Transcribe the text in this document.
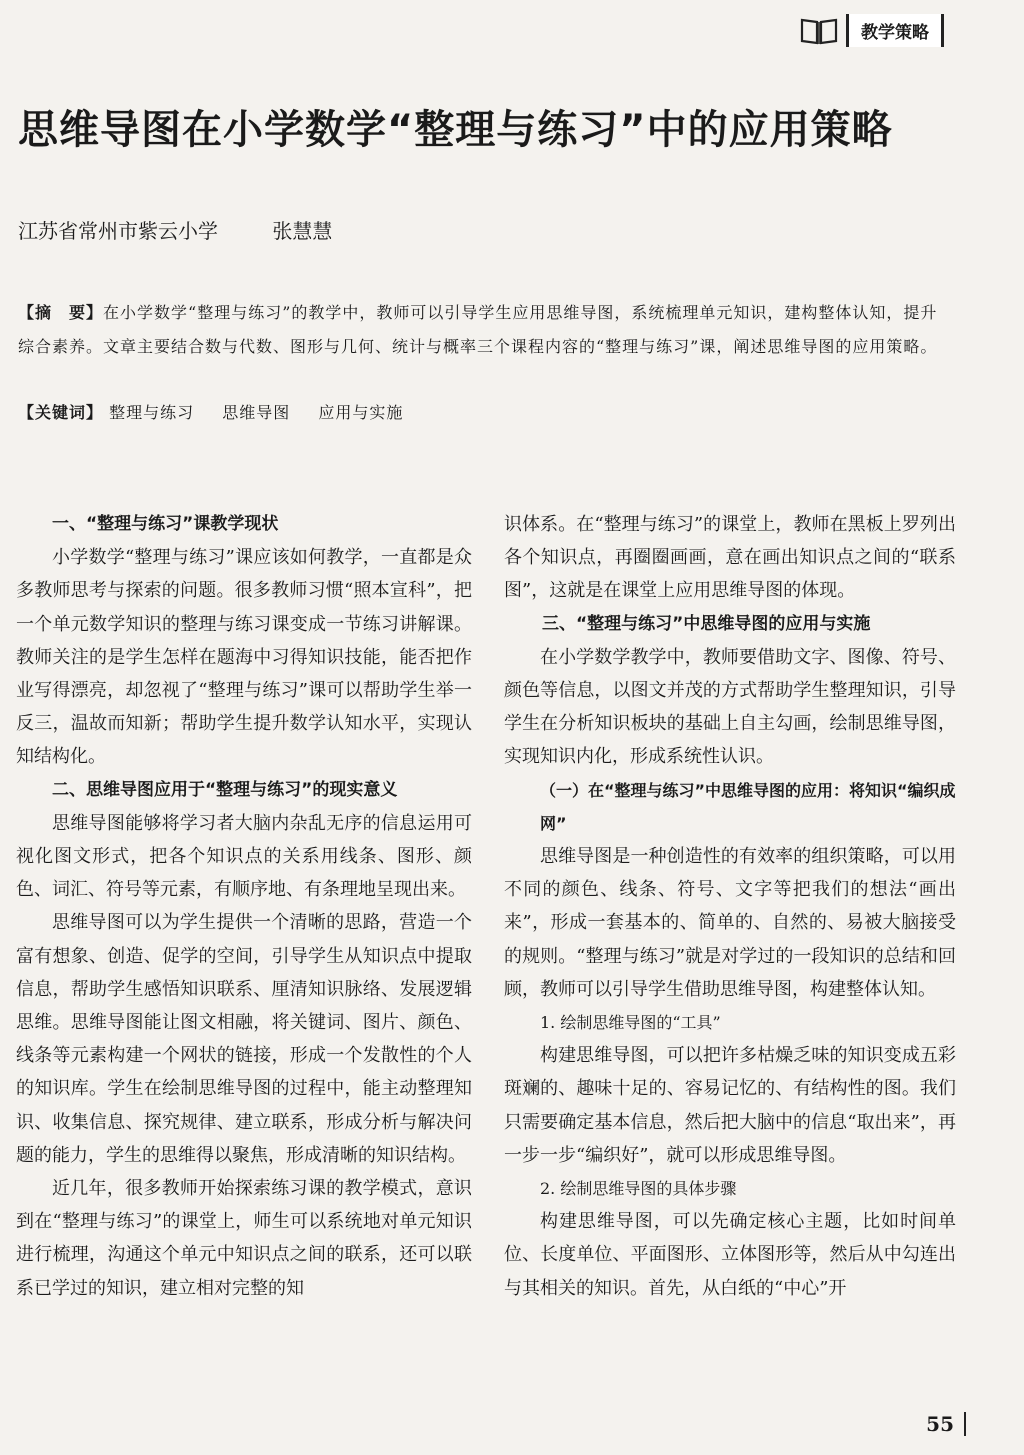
教学策略
思维导图在小学数学“整理与练习”中的应用策略
江苏省常州市紫云小学	张慧慧
【摘　要】在小学数学“整理与练习”的教学中，教师可以引导学生应用思维导图，系统梳理单元知识，建构整体认知，提升综合素养。文章主要结合数与代数、图形与几何、统计与概率三个课程内容的“整理与练习”课，阐述思维导图的应用策略。
【关键词】 整理与练习 思维导图 应用与实施
一、“整理与练习”课教学现状

小学数学“整理与练习”课应该如何教学，一直都是众多教师思考与探索的问题。很多教师习惯“照本宣科”，把一个单元数学知识的整理与练习课变成一节练习讲解课。教师关注的是学生怎样在题海中习得知识技能，能否把作业写得漂亮，却忽视了“整理与练习”课可以帮助学生举一反三，温故而知新；帮助学生提升数学认知水平，实现认知结构化。

二、思维导图应用于“整理与练习”的现实意义

思维导图能够将学习者大脑内杂乱无序的信息运用可视化图文形式，把各个知识点的关系用线条、图形、颜色、词汇、符号等元素，有顺序地、有条理地呈现出来。

思维导图可以为学生提供一个清晰的思路，营造一个富有想象、创造、促学的空间，引导学生从知识点中提取信息，帮助学生感悟知识联系、厘清知识脉络、发展逻辑思维。思维导图能让图文相融，将关键词、图片、颜色、线条等元素构建一个网状的链接，形成一个发散性的个人的知识库。学生在绘制思维导图的过程中，能主动整理知识、收集信息、探究规律、建立联系，形成分析与解决问题的能力，学生的思维得以聚焦，形成清晰的知识结构。

近几年，很多教师开始探索练习课的教学模式，意识到在“整理与练习”的课堂上，师生可以系统地对单元知识进行梳理，沟通这个单元中知识点之间的联系，还可以联系已学过的知识，建立相对完整的知

识体系。在“整理与练习”的课堂上，教师在黑板上罗列出各个知识点，再圈圈画画，意在画出知识点之间的“联系图”，这就是在课堂上应用思维导图的体现。

三、“整理与练习”中思维导图的应用与实施

在小学数学教学中，教师要借助文字、图像、符号、颜色等信息，以图文并茂的方式帮助学生整理知识，引导学生在分析知识板块的基础上自主勾画，绘制思维导图，实现知识内化，形成系统性认识。

（一）在“整理与练习”中思维导图的应用：将知识“编织成网”

思维导图是一种创造性的有效率的组织策略，可以用不同的颜色、线条、符号、文字等把我们的想法“画出来”，形成一套基本的、简单的、自然的、易被大脑接受的规则。“整理与练习”就是对学过的一段知识的总结和回顾，教师可以引导学生借助思维导图，构建整体认知。

1. 绘制思维导图的“工具”

构建思维导图，可以把许多枯燥乏味的知识变成五彩斑斓的、趣味十足的、容易记忆的、有结构性的图。我们只需要确定基本信息，然后把大脑中的信息“取出来”，再一步一步“编织好”，就可以形成思维导图。

2. 绘制思维导图的具体步骤

构建思维导图，可以先确定核心主题，比如时间单位、长度单位、平面图形、立体图形等，然后从中勾连出与其相关的知识。首先，从白纸的“中心”开

55
